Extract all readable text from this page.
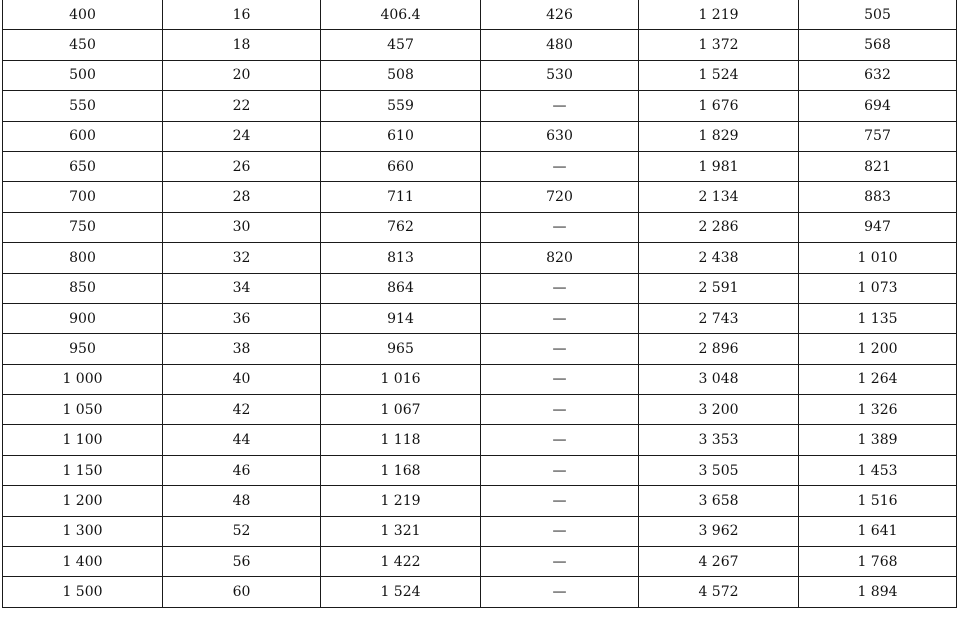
400	16	406.4	426	1 219	505
450	18	457	480	1 372	568
500	20	508	530	1 524	632
550	22	559	—	1 676	694
600	24	610	630	1 829	757
650	26	660	—	1 981	821
700	28	711	720	2 134	883
750	30	762	—	2 286	947
800	32	813	820	2 438	1 010
850	34	864	—	2 591	1 073
900	36	914	—	2 743	1 135
950	38	965	—	2 896	1 200
1 000	40	1 016	—	3 048	1 264
1 050	42	1 067	—	3 200	1 326
1 100	44	1 118	—	3 353	1 389
1 150	46	1 168	—	3 505	1 453
1 200	48	1 219	—	3 658	1 516
1 300	52	1 321	—	3 962	1 641
1 400	56	1 422	—	4 267	1 768
1 500	60	1 524	—	4 572	1 894
